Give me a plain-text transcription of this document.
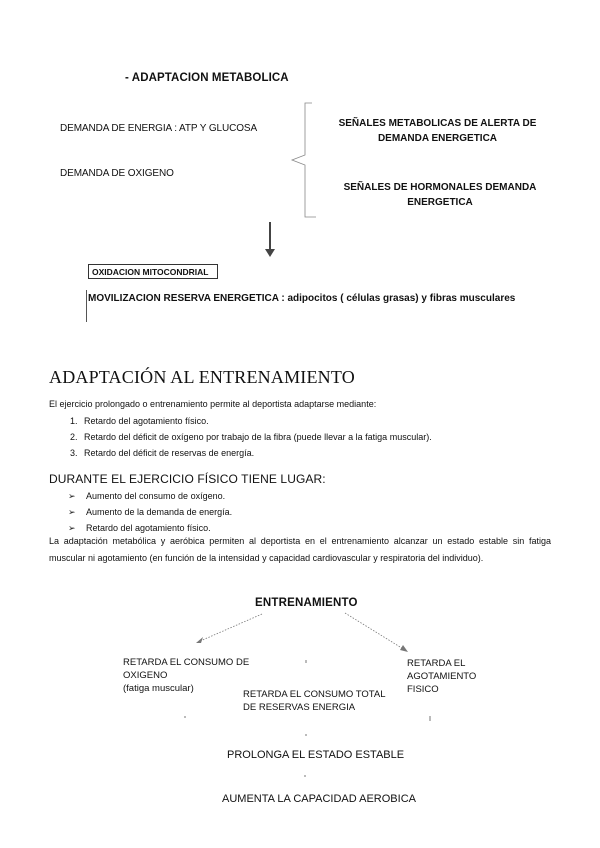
- ADAPTACION METABOLICA
DEMANDA DE ENERGIA : ATP Y GLUCOSA
DEMANDA DE OXIGENO
SEÑALES METABOLICAS DE ALERTA DE
DEMANDA ENERGETICA
SEÑALES DE HORMONALES DEMANDA
ENERGETICA
OXIDACION MITOCONDRIAL
MOVILIZACION RESERVA ENERGETICA : adipocitos ( células grasas) y fibras musculares
ADAPTACIÓN AL ENTRENAMIENTO
El ejercicio prolongado o entrenamiento permite al deportista adaptarse mediante:
1. Retardo del agotamiento físico.
2. Retardo del déficit de oxígeno por trabajo de la fibra (puede llevar a la fatiga muscular).
3. Retardo del déficit de reservas de energía.
DURANTE EL EJERCICIO FÍSICO TIENE LUGAR:
➢ Aumento del consumo de oxígeno.
➢ Aumento de la demanda de energía.
➢ Retardo del agotamiento físico.
La adaptación metabólica y aeróbica permiten al deportista en el entrenamiento alcanzar un estado estable sin fatiga muscular ni agotamiento (en función de la intensidad y capacidad cardiovascular y respiratoria del individuo).
ENTRENAMIENTO
RETARDA EL CONSUMO DE
OXIGENO
(fatiga muscular)
RETARDA EL CONSUMO TOTAL
DE RESERVAS ENERGIA
RETARDA EL
AGOTAMIENTO
FISICO
PROLONGA EL ESTADO ESTABLE
AUMENTA LA CAPACIDAD AEROBICA
